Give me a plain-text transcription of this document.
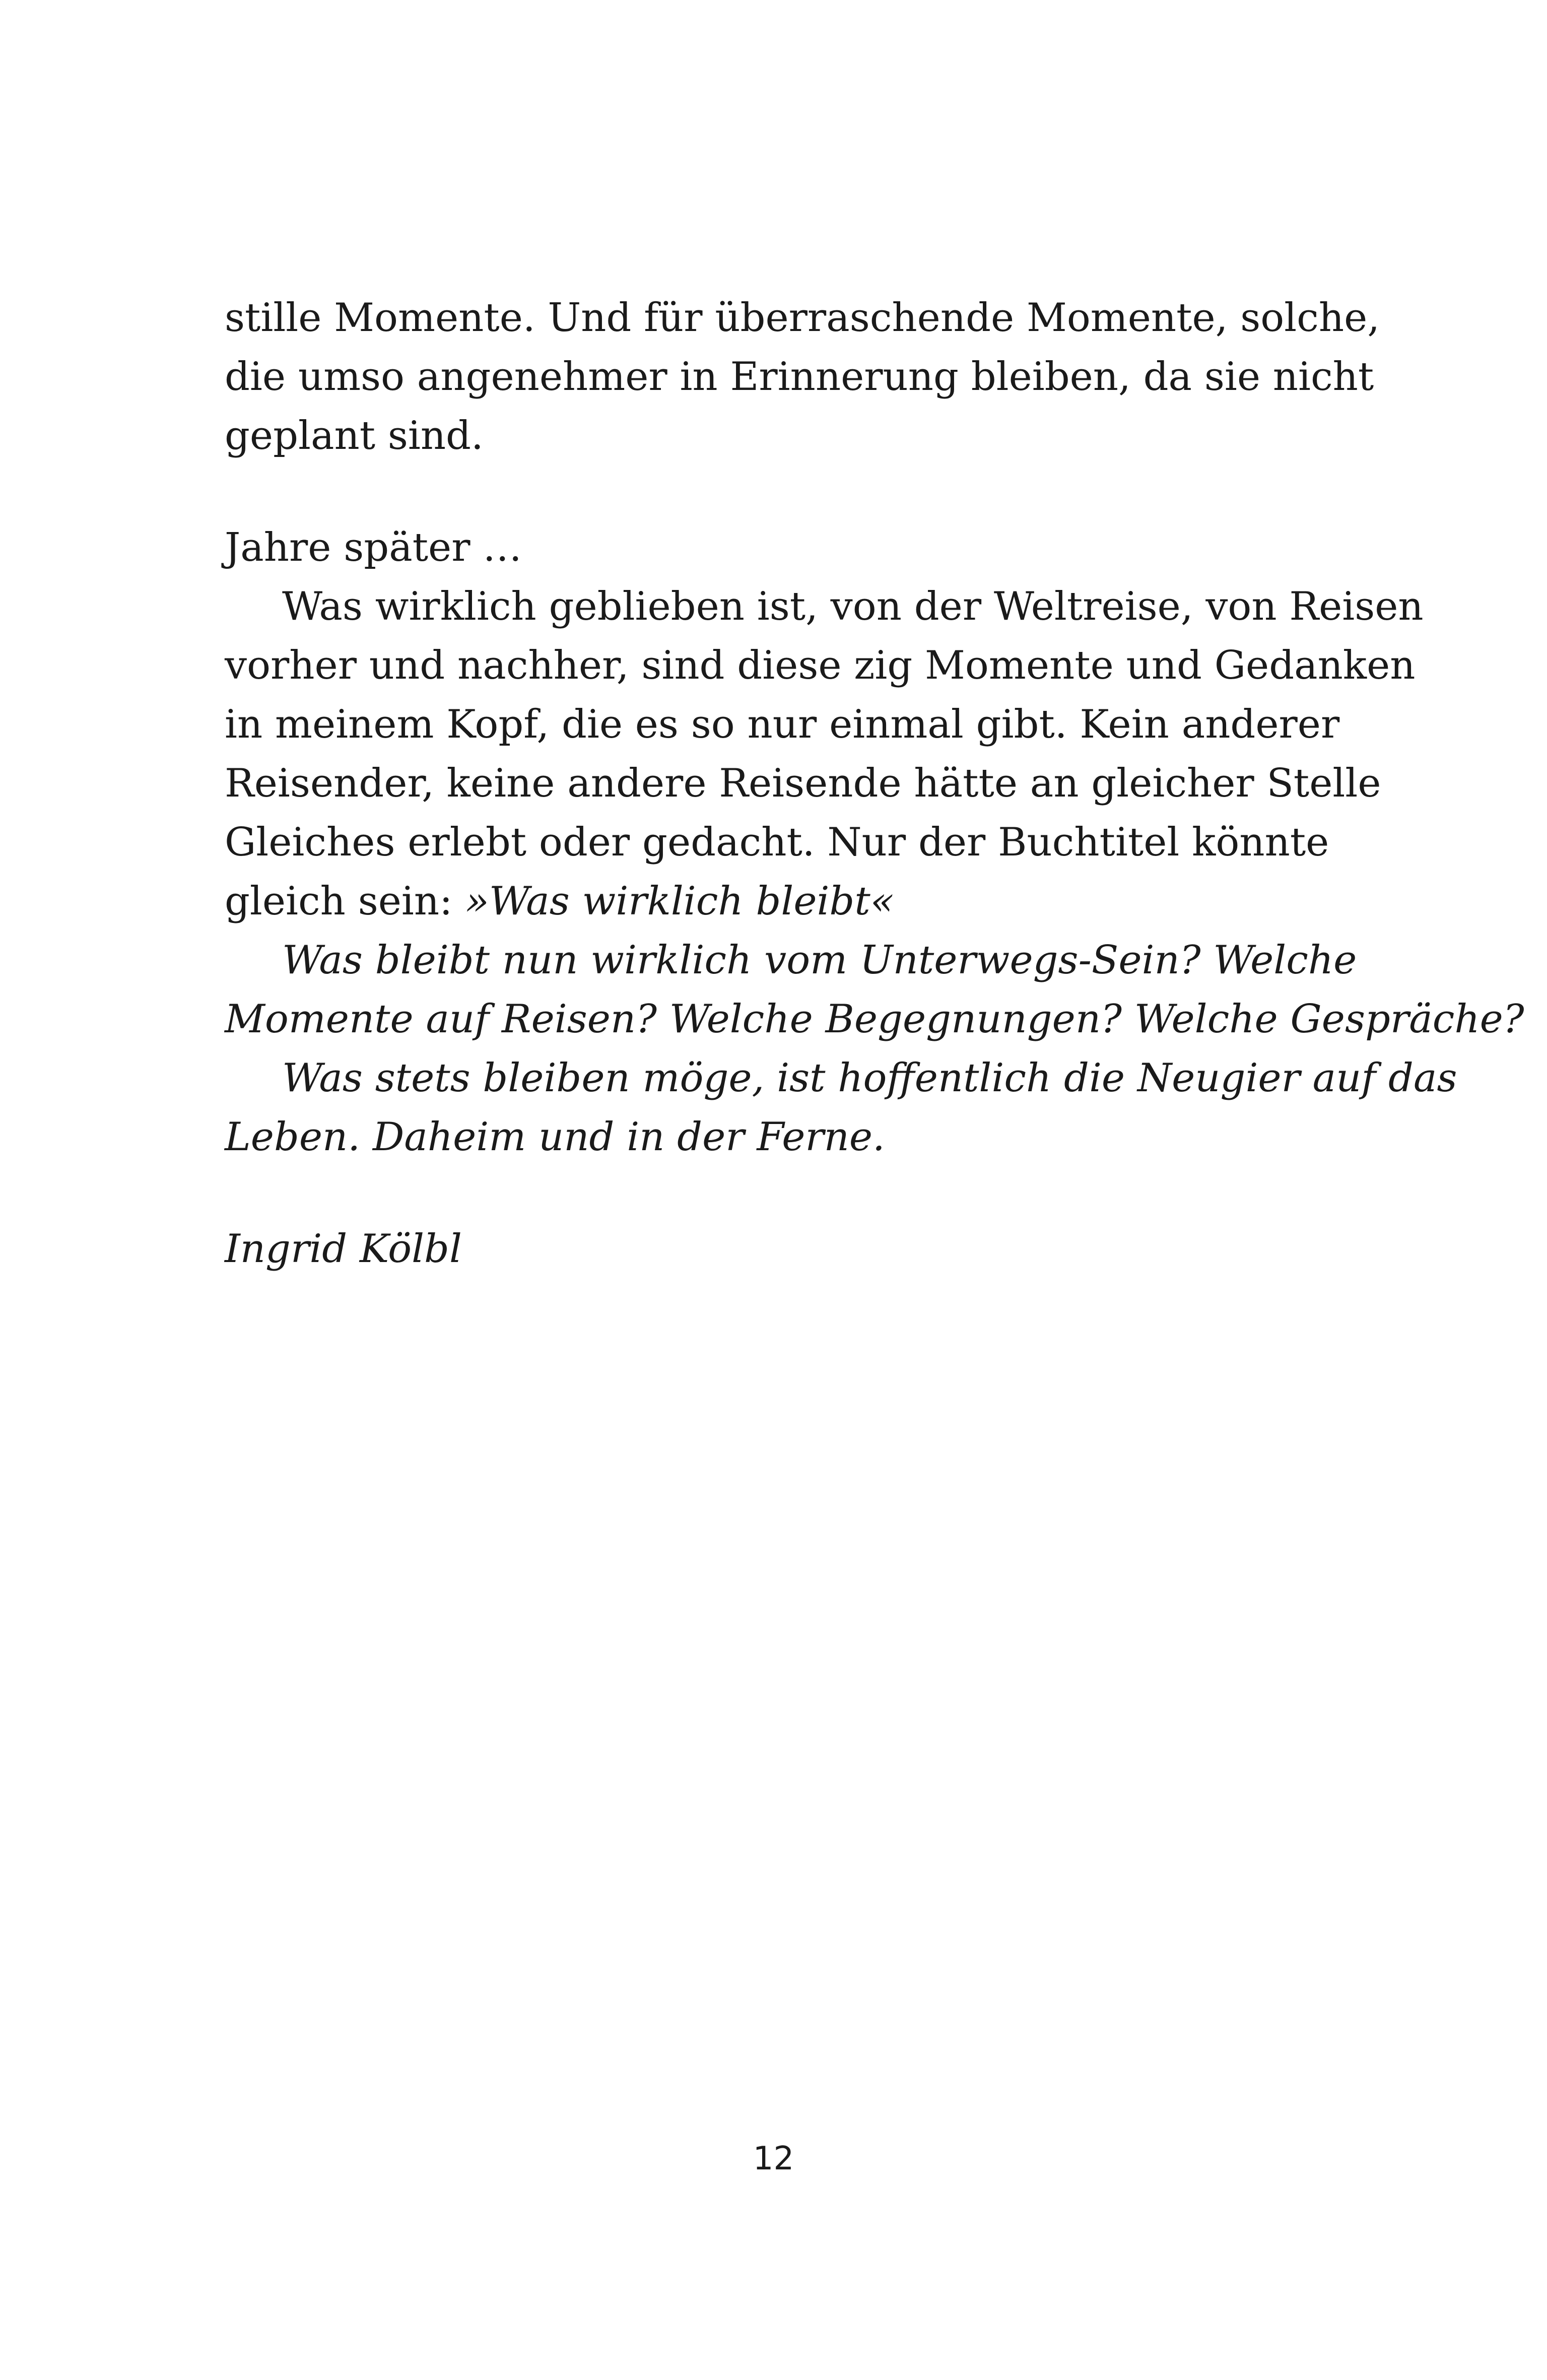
stille Momente. Und für überraschende Momente, solche,
die umso angenehmer in Erinnerung bleiben, da sie nicht
geplant sind.
Jahre später …
Was wirklich geblieben ist, von der Weltreise, von Reisen
vorher und nachher, sind diese zig Momente und Gedanken
in meinem Kopf, die es so nur einmal gibt. Kein anderer
Reisender, keine andere Reisende hätte an gleicher Stelle
Gleiches erlebt oder gedacht. Nur der Buchtitel könnte
gleich sein: »Was wirklich bleibt«
Was bleibt nun wirklich vom Unterwegs-Sein? Welche
Momente auf Reisen? Welche Begegnungen? Welche Gespräche?
Was stets bleiben möge, ist hoffentlich die Neugier auf das
Leben. Daheim und in der Ferne.
Ingrid Kölbl
12
